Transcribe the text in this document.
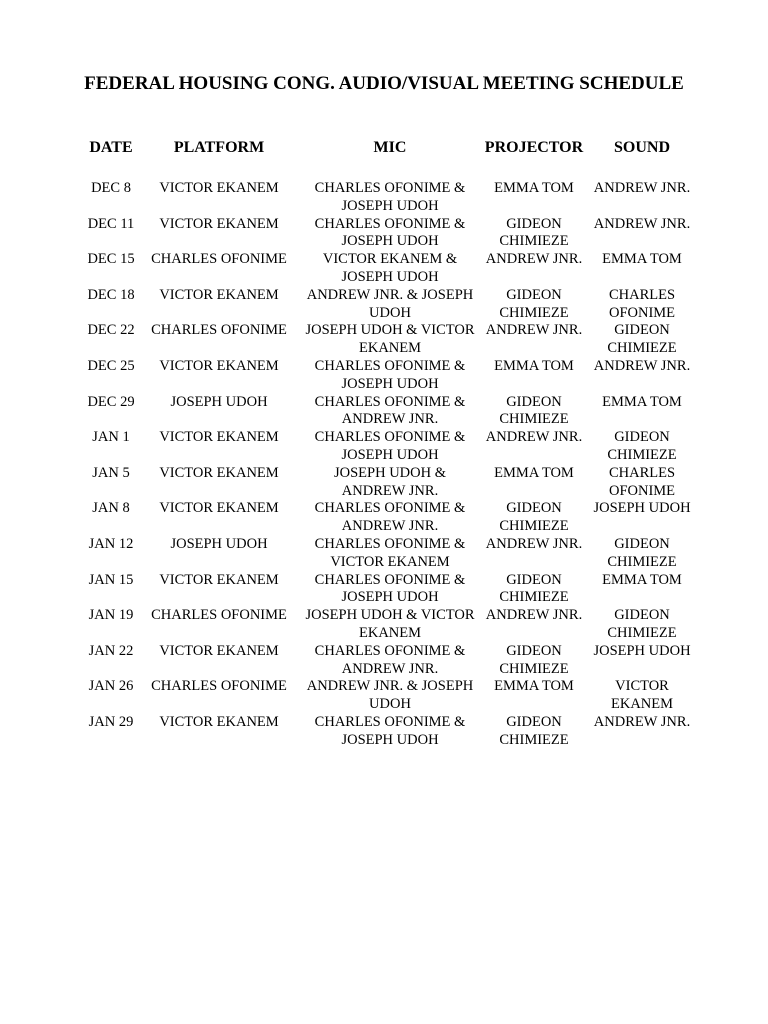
FEDERAL HOUSING CONG. AUDIO/VISUAL MEETING SCHEDULE
DATE	PLATFORM	MIC	PROJECTOR	SOUND
DEC 8	VICTOR EKANEM	CHARLES OFONIME & JOSEPH UDOH	EMMA TOM	ANDREW JNR.
DEC 11	VICTOR EKANEM	CHARLES OFONIME & JOSEPH UDOH	GIDEON CHIMIEZE	ANDREW JNR.
DEC 15	CHARLES OFONIME	VICTOR EKANEM & JOSEPH UDOH	ANDREW JNR.	EMMA TOM
DEC 18	VICTOR EKANEM	ANDREW JNR. & JOSEPH UDOH	GIDEON CHIMIEZE	CHARLES OFONIME
DEC 22	CHARLES OFONIME	JOSEPH UDOH & VICTOR EKANEM	ANDREW JNR.	GIDEON CHIMIEZE
DEC 25	VICTOR EKANEM	CHARLES OFONIME & JOSEPH UDOH	EMMA TOM	ANDREW JNR.
DEC 29	JOSEPH UDOH	CHARLES OFONIME & ANDREW JNR.	GIDEON CHIMIEZE	EMMA TOM
JAN 1	VICTOR EKANEM	CHARLES OFONIME & JOSEPH UDOH	ANDREW JNR.	GIDEON CHIMIEZE
JAN 5	VICTOR EKANEM	JOSEPH UDOH & ANDREW JNR.	EMMA TOM	CHARLES OFONIME
JAN 8	VICTOR EKANEM	CHARLES OFONIME & ANDREW JNR.	GIDEON CHIMIEZE	JOSEPH UDOH
JAN 12	JOSEPH UDOH	CHARLES OFONIME & VICTOR EKANEM	ANDREW JNR.	GIDEON CHIMIEZE
JAN 15	VICTOR EKANEM	CHARLES OFONIME & JOSEPH UDOH	GIDEON CHIMIEZE	EMMA TOM
JAN 19	CHARLES OFONIME	JOSEPH UDOH & VICTOR EKANEM	ANDREW JNR.	GIDEON CHIMIEZE
JAN 22	VICTOR EKANEM	CHARLES OFONIME & ANDREW JNR.	GIDEON CHIMIEZE	JOSEPH UDOH
JAN 26	CHARLES OFONIME	ANDREW JNR. & JOSEPH UDOH	EMMA TOM	VICTOR EKANEM
JAN 29	VICTOR EKANEM	CHARLES OFONIME & JOSEPH UDOH	GIDEON CHIMIEZE	ANDREW JNR.
